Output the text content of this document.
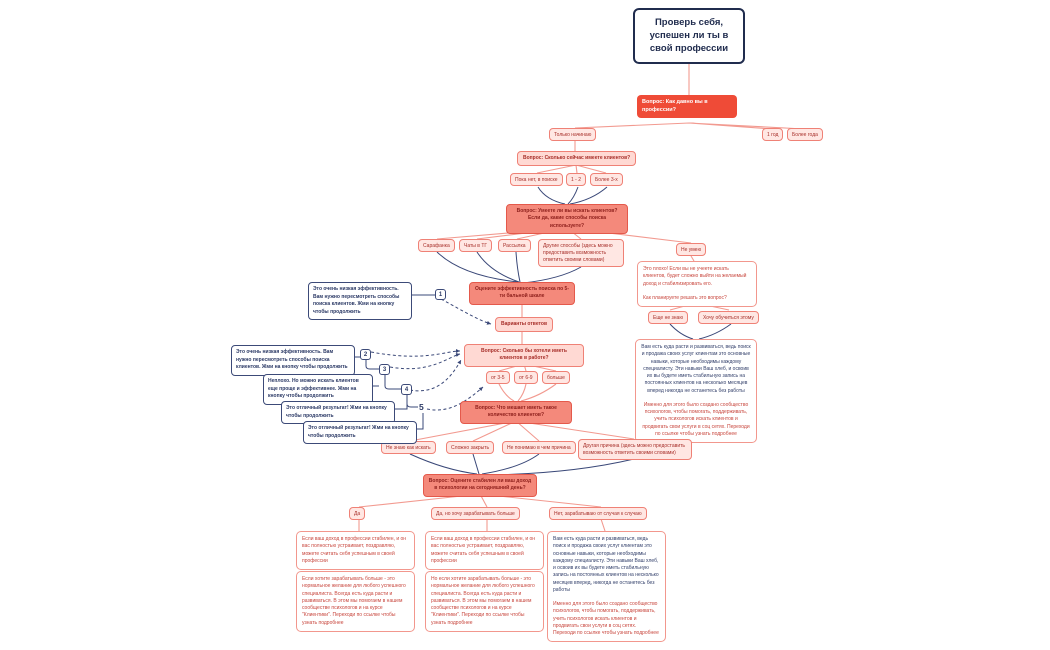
Проверь себя, успешен ли ты в свой профессии
Вопрос: Как давно вы в профессии?
Только начинаю	1 год	Более года
Вопрос: Сколько сейчас имеете клиентов?
Пока нет, в поиске	1 - 2	Более 3-х
Вопрос: Умеете ли вы искать клиентов? Если да, какие способы поиска используете?
Сарафанка	Чаты в ТГ	Рассылка	Другие способы (здесь можно предоставить возможность ответить своими словами)
Не умею

Это плохо! Если вы не учеете искать клиентов, будет сложно выйти на желаемый доход и стабилизировать его.

Как планируете решать это вопрос?

Еще не знаю	Хочу обучиться этому

Вам есть куда расти и развиваться, ведь поиск и продажа своих услуг клиентам это основные навыки, которые необходимы каждому специалисту. Эти навыки Ваш хлеб, и освоив их вы будете иметь стабильную запись на постоянных клиентов на несколько месяцев вперед никогда не останетесь без работы

Именно для этого было создано сообщество психологов, чтобы помогать, поддерживать, учить психологов искать клиентов и продвигать свои услуги в соц сетях. Переходи по ссылке чтобы узнать подробнее

Оцените эффективность поиска по 5-ти бальной шкале
Варианты ответов
Вопрос: Сколько бы хотели иметь клиентов в работе?
от 3-5	от 6-9	больше
Вопрос: Что мешает иметь такое количество клиентов?
Не знаю как искать	Сложно закрыть	Не понимаю в чем причина	Другая причина (здесь можно предоставить возможность ответить своими словами)
Вопрос: Оцените стабилен ли ваш доход в психологии на сегодняшний день?
Да	Да, но хочу зарабатывать больше	Нет, зарабатываю от случая к случаю
Это очень низкая эффективность. Вам нужно пересмотреть способы поиска клиентов. Жми на кнопку чтобы продолжить
Это очень низкая эффективность. Вам нужно пересмотреть способы поиска клиентов. Жми на кнопку чтобы продолжить
Неплохо. Но можно искать клиентов еще проще и эффективнее. Жми на кнопку чтобы продолжить
Это отличный результат! Жми на кнопку чтобы продолжить
Это отличный результат! Жми на кнопку чтобы продолжить
1
2
3
4
5

Если ваш доход в профессии стабилен, и он вас полностью устраивает, поздравляю, можете считать себя успешным в своей профессии

Если хотите зарабатывать больше - это нормальное желание для любого успешного специалиста. Всегда есть куда расти и развиваться. В этом мы помогаем в нашем сообществе психологов и на курсе "Клиентики". Переходи по ссылке чтобы узнать подробнее

Если ваш доход в профессии стабилен, и он вас полностью устраивает, поздравляю, можете считать себя успешным в своей профессии

Но если хотите зарабатывать больше - это нормальное желание для любого успешного специалиста. Всегда есть куда расти и развиваться. В этом мы помогаем в нашем сообществе психологов и на курсе "Клиентики". Переходи по ссылке чтобы узнать подробнее

Вам есть куда расти и развиваться, ведь поиск и продажа своих услуг клиентам это основные навыки, которые необходимы каждому специалисту. Эти навыки Ваш хлеб, и освоив их вы будете иметь стабильную запись на постоянных клиентов на несколько месяцев вперед, никогда не останетесь без работы

Именно для этого было создано сообщество психологов, чтобы помогать, поддерживать, учить психологов искать клиентов и продвигать свои услуги в соц сетях. Переходи по ссылке чтобы узнать подробнее
